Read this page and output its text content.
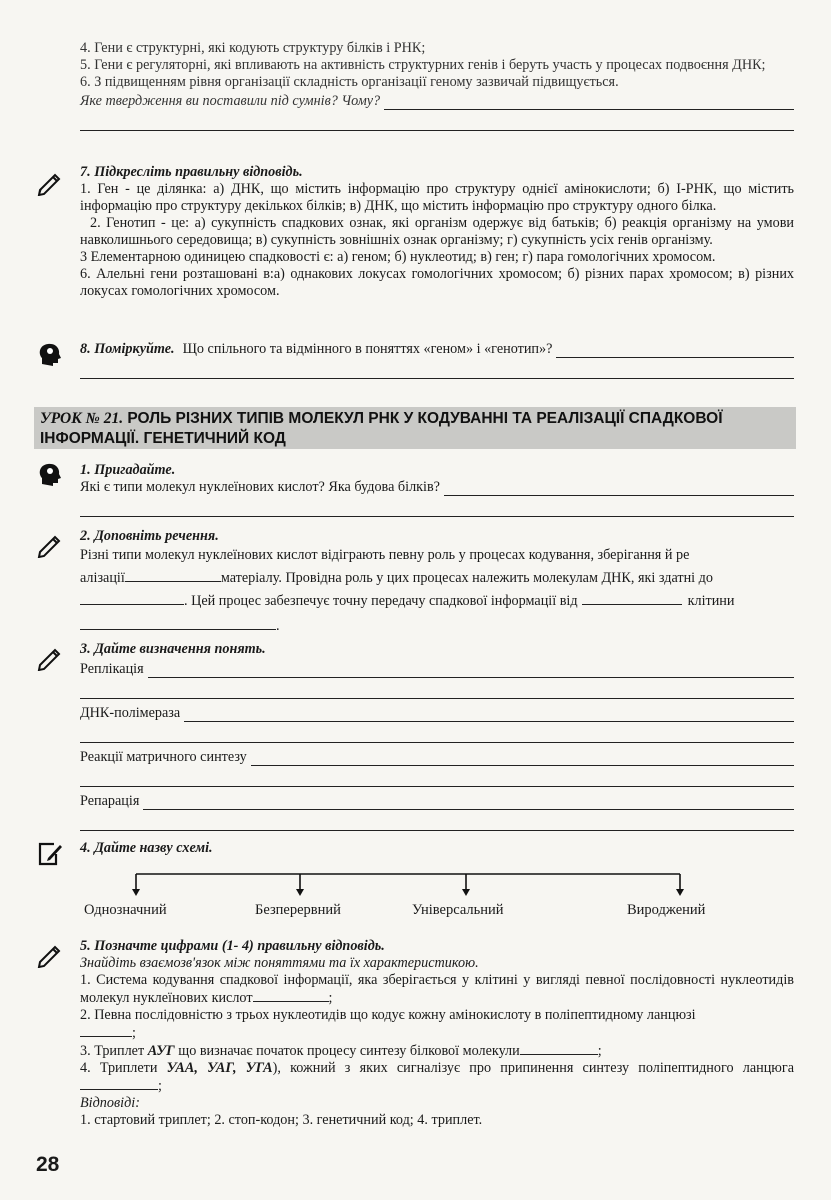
4. Гени є структурні, які кодують структуру білків і РНК;

5. Гени є регуляторні, які впливають на активність структурних генів і беруть участь у процесах подвоєння ДНК;

6. З підвищенням рівня організації складність організації геному зазвичай підвищується.

Яке твердження ви поставили під сумнів? Чому?

7. Підкресліть правильну відповідь.

1. Ген - це ділянка: а) ДНК, що містить інформацію про структуру однієї амінокислоти; б) І-РНК, що містить інформацію про структуру декількох білків; в) ДНК, що містить інформацію про структуру одного білка.

2. Генотип - це: а) сукупність спадкових ознак, які організм одержує від батьків; б) реакція організму на умови навколишнього середовища; в) сукупність зовнішніх ознак організму; г) сукупність усіх генів організму.

3 Елементарною одиницею спадковості є: а) геном; б) нуклеотид; в) ген; г) пара гомологічних хромосом.

6. Алельні гени розташовані в:а) однакових локусах гомологічних хромосом; б) різних парах хромосом; в) різних локусах гомологічних хромосом.

8. Поміркуйте. Що спільного та відмінного в поняттях «геном» і «генотип»?
УРОК № 21. РОЛЬ РІЗНИХ ТИПІВ МОЛЕКУЛ РНК У КОДУВАННІ ТА РЕАЛІЗАЦІЇ СПАДКОВОЇ ІНФОРМАЦІЇ. ГЕНЕТИЧНИЙ КОД

1. Пригадайте.

Які є типи молекул нуклеїнових кислот? Яка будова білків?

2. Доповніть речення.

Різні типи молекул нуклеїнових кислот відіграють певну роль у процесах кодування, зберігання й ре

алізації	матеріалу. Провідна роль у цих процесах належить молекулам ДНК, які здатні до

. Цей процес забезпечує точну передачу спадкової інформації від	клітини

.

3. Дайте визначення понять.

Реплікація
ДНК-полімераза
Реакції матричного синтезу
Репарація

4. Дайте назву схемі.

Однозначний	Безперервний	Універсальний	Вироджений

5. Позначте цифрами (1- 4) правильну відповідь.

Знайдіть взаємозв'язок між поняттями та їх характеристикою.

1. Система кодування спадкової інформації, яка зберігається у клітині у вигляді певної послідовності нуклеотидів молекул нуклеїнових кислот	;

2. Певна послідовністю з трьох нуклеотидів що кодує кожну амінокислоту в поліпептидному ланцюзі

;

3. Триплет АУГ що визначає початок процесу синтезу білкової молекули	;

4. Триплети УАА, УАГ, УГА), кожний з яких сигналізує про припинення синтезу поліпептидного ланцюга;

Відповіді:

1. стартовий триплет; 2. стоп-кодон; 3. генетичний код; 4. триплет.

28
